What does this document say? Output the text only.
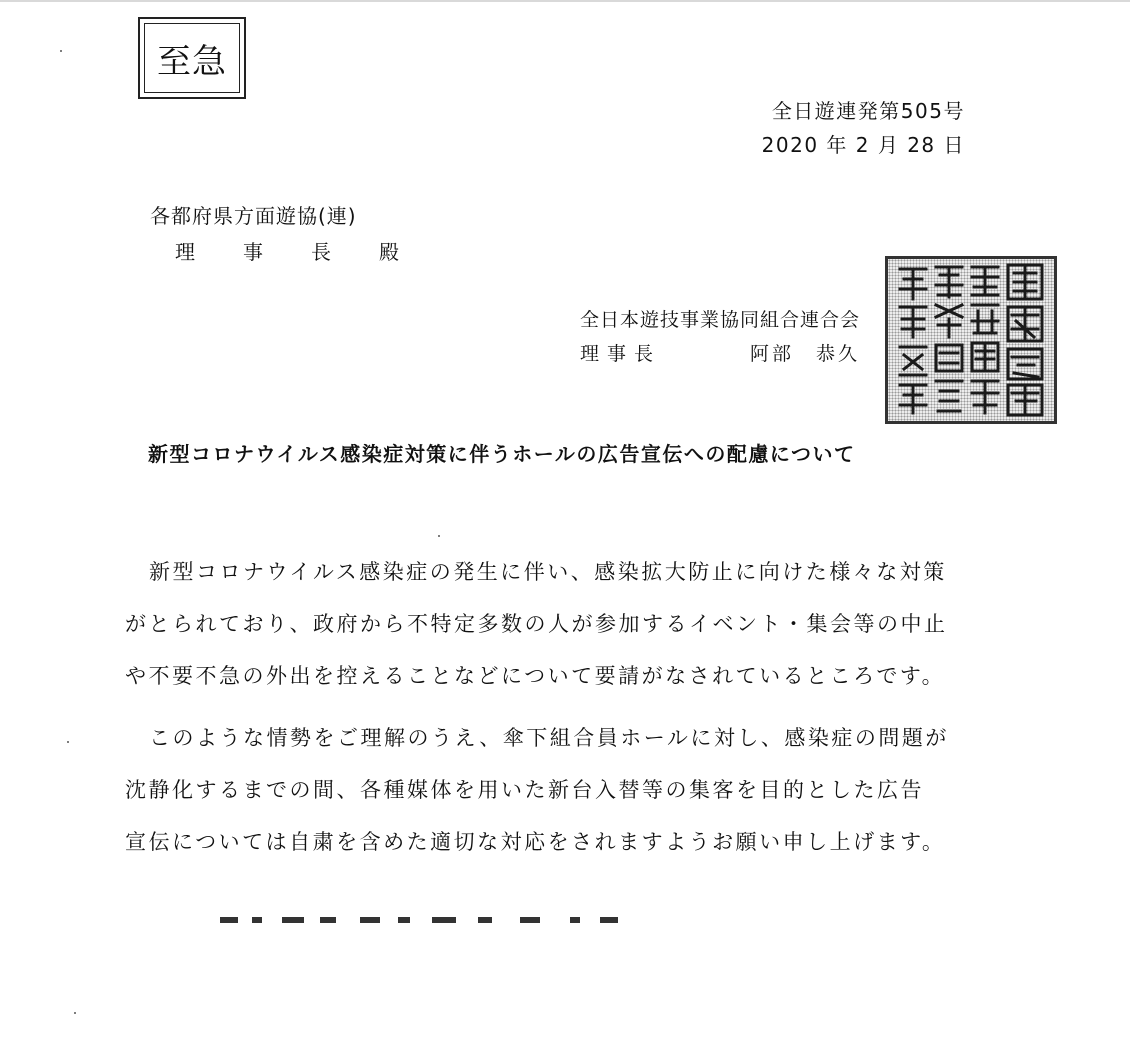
至急
全日遊連発第505号
2020 年 2 月 28 日
各都府県方面遊協(連)
理 事 長 殿
全日本遊技事業協同組合連合会
理事長	阿部 恭久
新型コロナウイルス感染症対策に伴うホールの広告宣伝への配慮について
新型コロナウイルス感染症の発生に伴い、感染拡大防止に向けた様々な対策
がとられており、政府から不特定多数の人が参加するイベント・集会等の中止
や不要不急の外出を控えることなどについて要請がなされているところです。
このような情勢をご理解のうえ、傘下組合員ホールに対し、感染症の問題が
沈静化するまでの間、各種媒体を用いた新台入替等の集客を目的とした広告
宣伝については自粛を含めた適切な対応をされますようお願い申し上げます。
